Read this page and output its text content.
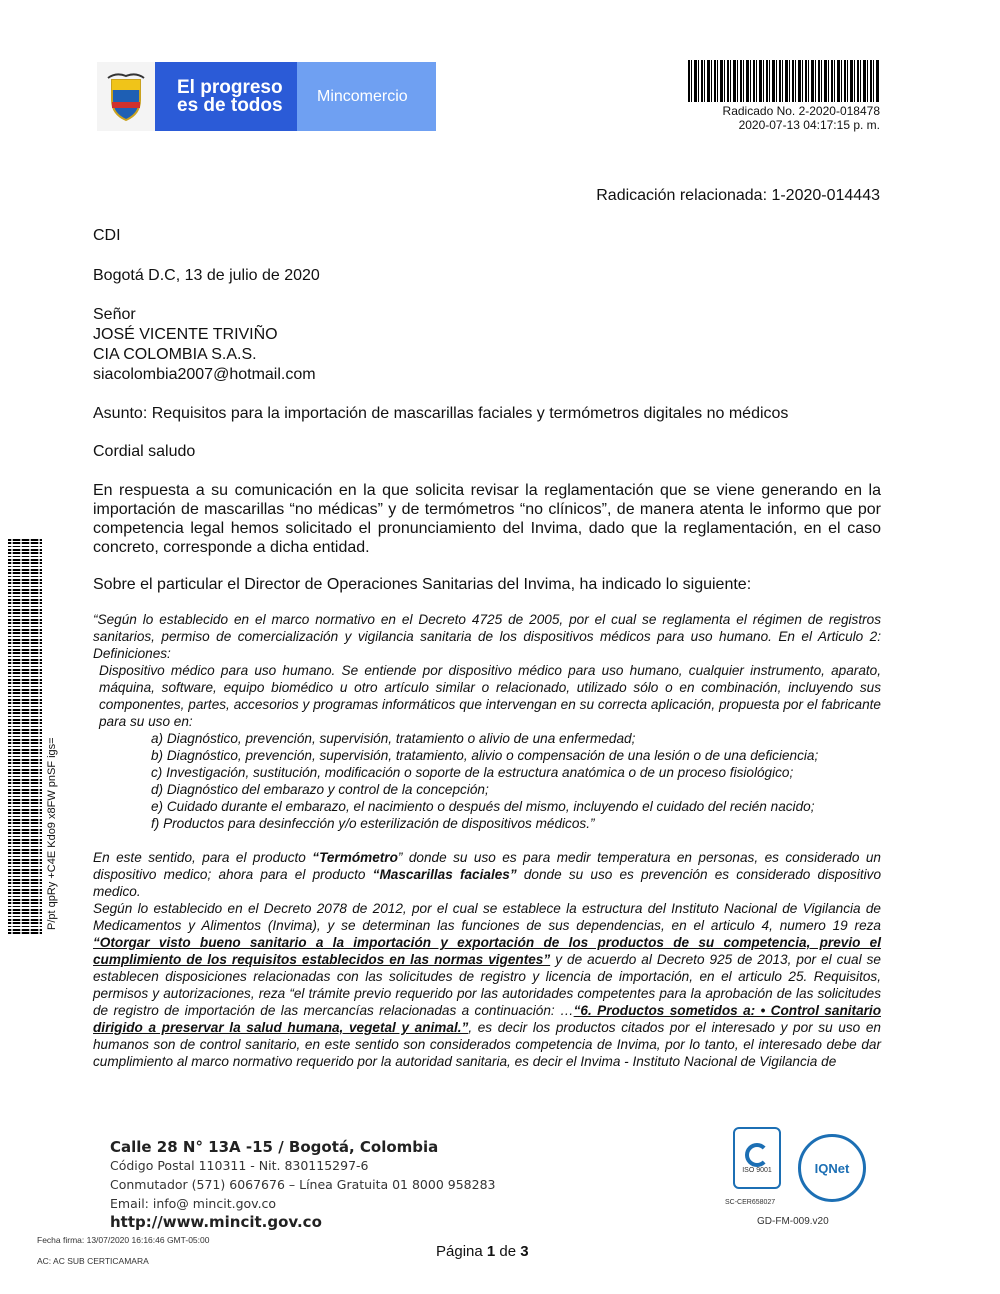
El progreso
es de todos	Mincomercio
Radicado No. 2-2020-018478
2020-07-13 04:17:15 p. m.
Radicación relacionada: 1-2020-014443
CDI
Bogotá D.C, 13 de julio de 2020
Señor
JOSÉ VICENTE TRIVIÑO
CIA COLOMBIA S.A.S.
siacolombia2007@hotmail.com
Asunto: Requisitos para la importación de mascarillas faciales y termómetros digitales no médicos
Cordial saludo
En respuesta a su comunicación en la que solicita revisar la reglamentación que se viene generando en la importación de mascarillas “no médicas” y de termómetros “no clínicos”, de manera atenta le informo que por competencia legal hemos solicitado el pronunciamiento del Invima, dado que la reglamentación, en el caso concreto, corresponde a dicha entidad.
Sobre el particular el Director de Operaciones Sanitarias del Invima, ha indicado lo siguiente:

“Según lo establecido en el marco normativo en el Decreto 4725 de 2005, por el cual se reglamenta el régimen de registros sanitarios, permiso de comercialización y vigilancia sanitaria de los dispositivos médicos para uso humano. En el Articulo 2: Definiciones:

Dispositivo médico para uso humano. Se entiende por dispositivo médico para uso humano, cualquier instrumento, aparato, máquina, software, equipo biomédico u otro artículo similar o relacionado, utilizado sólo o en combinación, incluyendo sus componentes, partes, accesorios y programas informáticos que intervengan en su correcta aplicación, propuesta por el fabricante para su uso en:

a) Diagnóstico, prevención, supervisión, tratamiento o alivio de una enfermedad;

b) Diagnóstico, prevención, supervisión, tratamiento, alivio o compensación de una lesión o de una deficiencia;

c) Investigación, sustitución, modificación o soporte de la estructura anatómica o de un proceso fisiológico;

d) Diagnóstico del embarazo y control de la concepción;

e) Cuidado durante el embarazo, el nacimiento o después del mismo, incluyendo el cuidado del recién nacido;

f) Productos para desinfección y/o esterilización de dispositivos médicos.”

En este sentido, para el producto “Termómetro” donde su uso es para medir temperatura en personas, es considerado un dispositivo medico; ahora para el producto “Mascarillas faciales” donde su uso es prevención es considerado dispositivo medico.

Según lo establecido en el Decreto 2078 de 2012, por el cual se establece la estructura del Instituto Nacional de Vigilancia de Medicamentos y Alimentos (Invima), y se determinan las funciones de sus dependencias, en el articulo 4, numero 19 reza “Otorgar visto bueno sanitario a la importación y exportación de los productos de su competencia, previo el cumplimiento de los requisitos establecidos en las normas vigentes” y de acuerdo al Decreto 925 de 2013, por el cual se establecen disposiciones relacionadas con las solicitudes de registro y licencia de importación, en el articulo 25. Requisitos, permisos y autorizaciones, reza “el trámite previo requerido por las autoridades competentes para la aprobación de las solicitudes de registro de importación de las mercancías relacionadas a continuación: …“6. Productos sometidos a: • Control sanitario dirigido a preservar la salud humana, vegetal y animal.”, es decir los productos citados por el interesado y por su uso en humanos son de control sanitario, en este sentido son considerados competencia de Invima, por lo tanto, el interesado debe dar cumplimiento al marco normativo requerido por la autoridad sanitaria, es decir el Invima - Instituto Nacional de Vigilancia de

P/pt qpRy +C4E Kdo9 x8FW pnSF igs=
Calle 28 N° 13A -15 / Bogotá, Colombia
Código Postal 110311 - Nit. 830115297-6
Conmutador (571) 6067676 – Línea Gratuita 01 8000 958283
Email: info@ mincit.gov.co
http://www.mincit.gov.co
ISO 9001
SC-CER658027
IQNet
GD-FM-009.v20
Fecha firma: 13/07/2020 16:16:46 GMT-05:00
AC: AC SUB CERTICAMARA
Página 1 de 3
